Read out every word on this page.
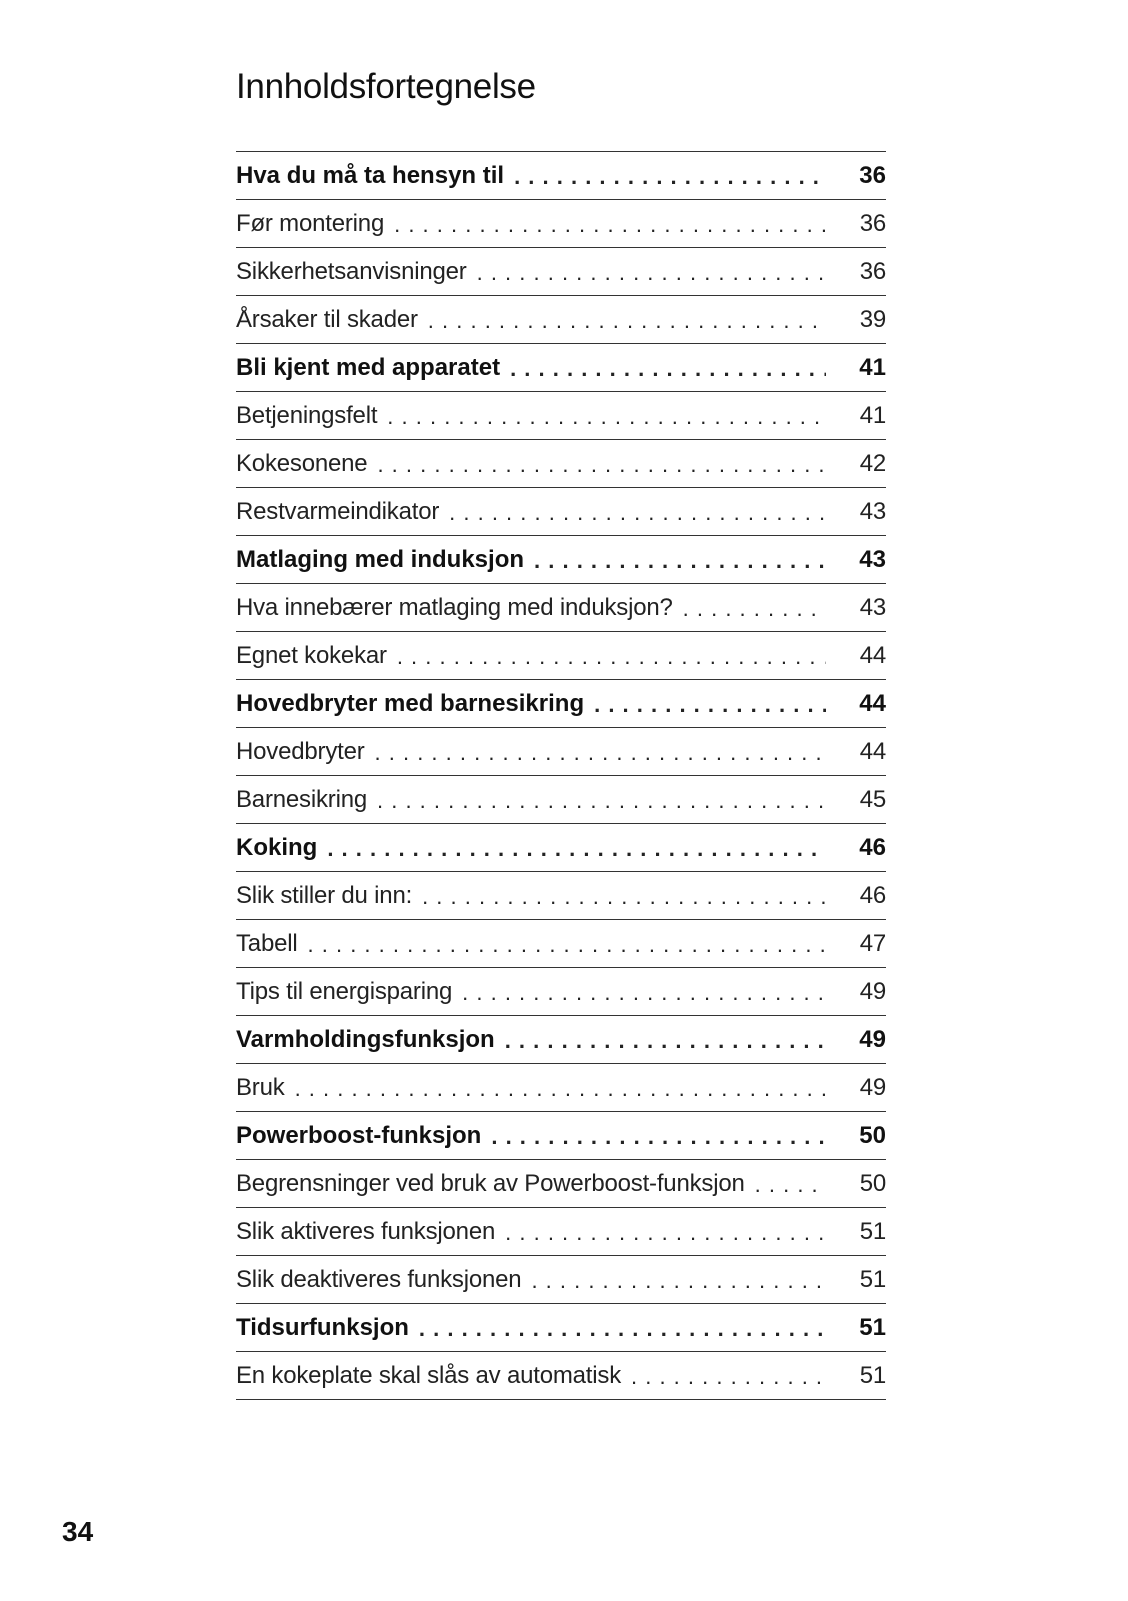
Innholdsfortegnelse
Hva du må ta hensyn til . . .	36
Før montering . . .	36
Sikkerhetsanvisninger . . .	36
Årsaker til skader . . .	39
Bli kjent med apparatet . . .	41
Betjeningsfelt . . .	41
Kokesonene . . .	42
Restvarmeindikator . . .	43
Matlaging med induksjon . . .	43
Hva innebærer matlaging med induksjon? . . .	43
Egnet kokekar . . .	44
Hovedbryter med barnesikring . . .	44
Hovedbryter . . .	44
Barnesikring . . .	45
Koking . . .	46
Slik stiller du inn: . . .	46
Tabell . . .	47
Tips til energisparing . . .	49
Varmholdingsfunksjon . . .	49
Bruk . . .	49
Powerboost-funksjon . . .	50
Begrensninger ved bruk av Powerboost-funksjon . . .	50
Slik aktiveres funksjonen . . .	51
Slik deaktiveres funksjonen . . .	51
Tidsurfunksjon . . .	51
En kokeplate skal slås av automatisk . . .	51
34
